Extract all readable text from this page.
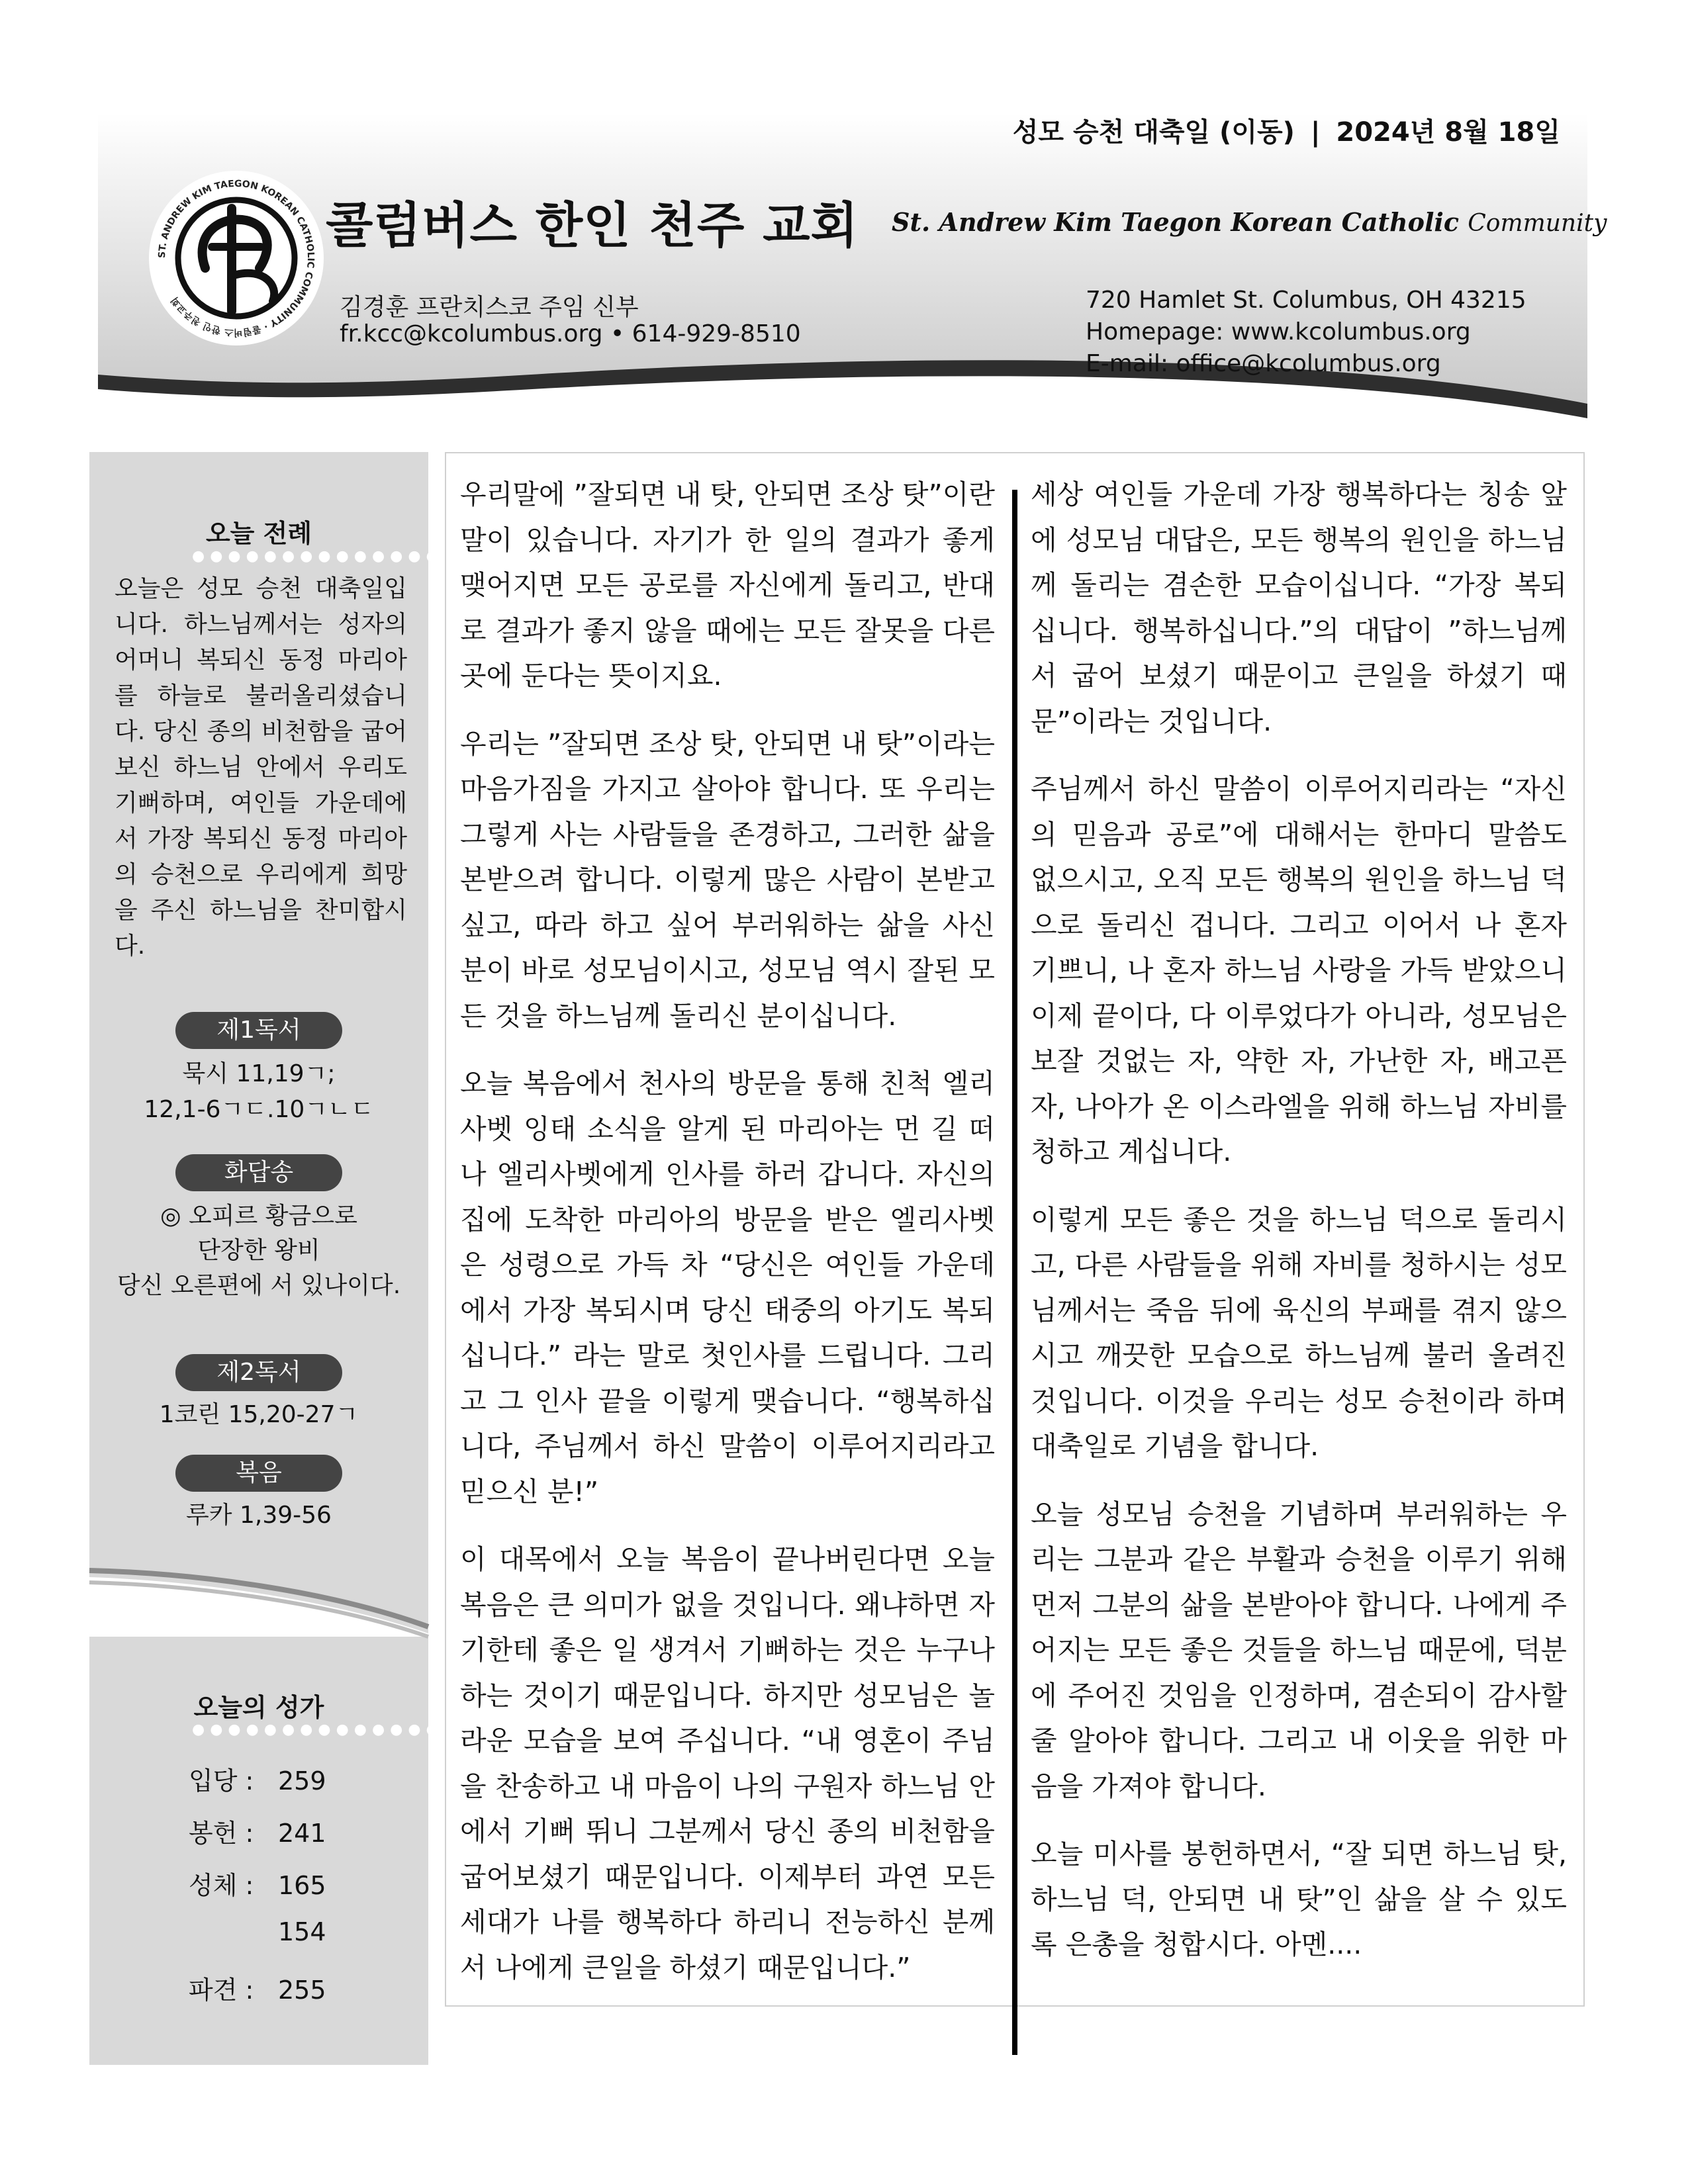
성모 승천 대축일 (이동) | 2024년 8월 18일
ST. ANDREW KIM TAEGON KOREAN CATHOLIC COMMUNITY · 콜럼버스 한인 천주교회
콜럼버스 한인 천주 교회 St. Andrew Kim Taegon Korean Catholic Community
김경훈 프란치스코 주임 신부
fr.kcc@kcolumbus.org • 614-929-8510
720 Hamlet St. Columbus, OH 43215
Homepage: www.kcolumbus.org
E-mail: office@kcolumbus.org
오늘 전례
●●●●●●●●●●●●●●
오늘은 성모 승천 대축일입니다. 하느님께서는 성자의 어머니 복되신 동정 마리아를 하늘로 불러올리셨습니다. 당신 종의 비천함을 굽어보신 하느님 안에서 우리도 기뻐하며, 여인들 가운데에서 가장 복되신 동정 마리아의 승천으로 우리에게 희망을 주신 하느님을 찬미합시다.
제1독서
묵시 11,19ㄱ;
12,1-6ㄱㄷ.10ㄱㄴㄷ
화답송
◎ 오피르 황금으로
단장한 왕비
당신 오른편에 서 있나이다.
제2독서
1코린 15,20-27ㄱ
복음
루카 1,39-56
오늘의 성가
●●●●●●●●●●●●●●
입당 : 259
봉헌 : 241
성체 : 165
154
파견 : 255

우리말에 ”잘되면 내 탓, 안되면 조상 탓”이란 말이 있습니다. 자기가 한 일의 결과가 좋게 맺어지면 모든 공로를 자신에게 돌리고, 반대로 결과가 좋지 않을 때에는 모든 잘못을 다른 곳에 둔다는 뜻이지요.

우리는 ”잘되면 조상 탓, 안되면 내 탓”이라는 마음가짐을 가지고 살아야 합니다. 또 우리는 그렇게 사는 사람들을 존경하고, 그러한 삶을 본받으려 합니다. 이렇게 많은 사람이 본받고 싶고, 따라 하고 싶어 부러워하는 삶을 사신 분이 바로 성모님이시고, 성모님 역시 잘된 모든 것을 하느님께 돌리신 분이십니다.

오늘 복음에서 천사의 방문을 통해 친척 엘리사벳 잉태 소식을 알게 된 마리아는 먼 길 떠나 엘리사벳에게 인사를 하러 갑니다. 자신의 집에 도착한 마리아의 방문을 받은 엘리사벳은 성령으로 가득 차 “당신은 여인들 가운데에서 가장 복되시며 당신 태중의 아기도 복되십니다.” 라는 말로 첫인사를 드립니다. 그리고 그 인사 끝을 이렇게 맺습니다. “행복하십니다, 주님께서 하신 말씀이 이루어지리라고 믿으신 분!”

이 대목에서 오늘 복음이 끝나버린다면 오늘 복음은 큰 의미가 없을 것입니다. 왜냐하면 자기한테 좋은 일 생겨서 기뻐하는 것은 누구나 하는 것이기 때문입니다. 하지만 성모님은 놀라운 모습을 보여 주십니다. “내 영혼이 주님을 찬송하고 내 마음이 나의 구원자 하느님 안에서 기뻐 뛰니 그분께서 당신 종의 비천함을 굽어보셨기 때문입니다. 이제부터 과연 모든 세대가 나를 행복하다 하리니 전능하신 분께서 나에게 큰일을 하셨기 때문입니다.”

세상 여인들 가운데 가장 행복하다는 칭송 앞에 성모님 대답은, 모든 행복의 원인을 하느님께 돌리는 겸손한 모습이십니다. “가장 복되십니다. 행복하십니다.”의 대답이 ”하느님께서 굽어 보셨기 때문이고 큰일을 하셨기 때문”이라는 것입니다.

주님께서 하신 말씀이 이루어지리라는 “자신의 믿음과 공로”에 대해서는 한마디 말씀도 없으시고, 오직 모든 행복의 원인을 하느님 덕으로 돌리신 겁니다. 그리고 이어서 나 혼자 기쁘니, 나 혼자 하느님 사랑을 가득 받았으니 이제 끝이다, 다 이루었다가 아니라, 성모님은 보잘 것없는 자, 약한 자, 가난한 자, 배고픈 자, 나아가 온 이스라엘을 위해 하느님 자비를 청하고 계십니다.

이렇게 모든 좋은 것을 하느님 덕으로 돌리시고, 다른 사람들을 위해 자비를 청하시는 성모님께서는 죽음 뒤에 육신의 부패를 겪지 않으시고 깨끗한 모습으로 하느님께 불러 올려진 것입니다. 이것을 우리는 성모 승천이라 하며 대축일로 기념을 합니다.

오늘 성모님 승천을 기념하며 부러워하는 우리는 그분과 같은 부활과 승천을 이루기 위해 먼저 그분의 삶을 본받아야 합니다. 나에게 주어지는 모든 좋은 것들을 하느님 때문에, 덕분에 주어진 것임을 인정하며, 겸손되이 감사할 줄 알아야 합니다. 그리고 내 이웃을 위한 마음을 가져야 합니다.

오늘 미사를 봉헌하면서, “잘 되면 하느님 탓, 하느님 덕, 안되면 내 탓”인 삶을 살 수 있도록 은총을 청합시다. 아멘....
